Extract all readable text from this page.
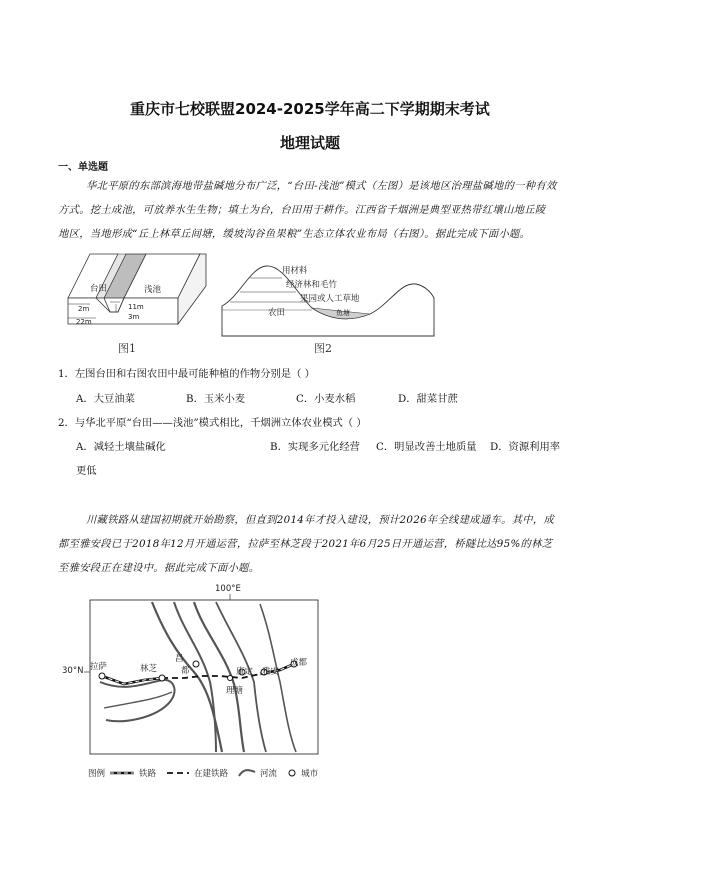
重庆市七校联盟2024-2025学年高二下学期期末考试
地理试题
一、单选题
华北平原的东部滨海地带盐碱地分布广泛，“台田-浅池”模式（左图）是该地区治理盐碱地的一种有效
方式。挖土成池，可放养水生生物；填土为台，台田用于耕作。江西省千烟洲是典型亚热带红壤山地丘陵
地区，当地形成“丘上林草丘间塘，缓坡沟谷鱼果粮”生态立体农业布局（右图）。据此完成下面小题。
台田	浅池
2m
22m
11m
3m
图1
用材料
经济林和毛竹
果园或人工草地
农田	鱼塘
图2
1．左图台田和右图农田中最可能种植的作物分别是（ ）
A．大豆油菜	B．玉米小麦	C．小麦水稻	D．甜菜甘蔗
2．与华北平原“台田——浅池”模式相比，千烟洲立体农业模式（ ）
A．减轻土壤盐碱化	B．实现多元化经营 C．明显改善土地质量 D．资源利用率
更低
川藏铁路从建国初期就开始勘察，但直到2014年才投入建设，预计2026年全线建成通车。其中，成
都至雅安段已于2018年12月开通运营，拉萨至林芝段于2021年6月25日开通运营，桥隧比达95%的林芝
至雅安段正在建设中。据此完成下面小题。
100°E
30°N 拉萨	林芝
昌
都	康定 雅安
成都
理塘
图例	铁路	在建铁路	河流	城市
